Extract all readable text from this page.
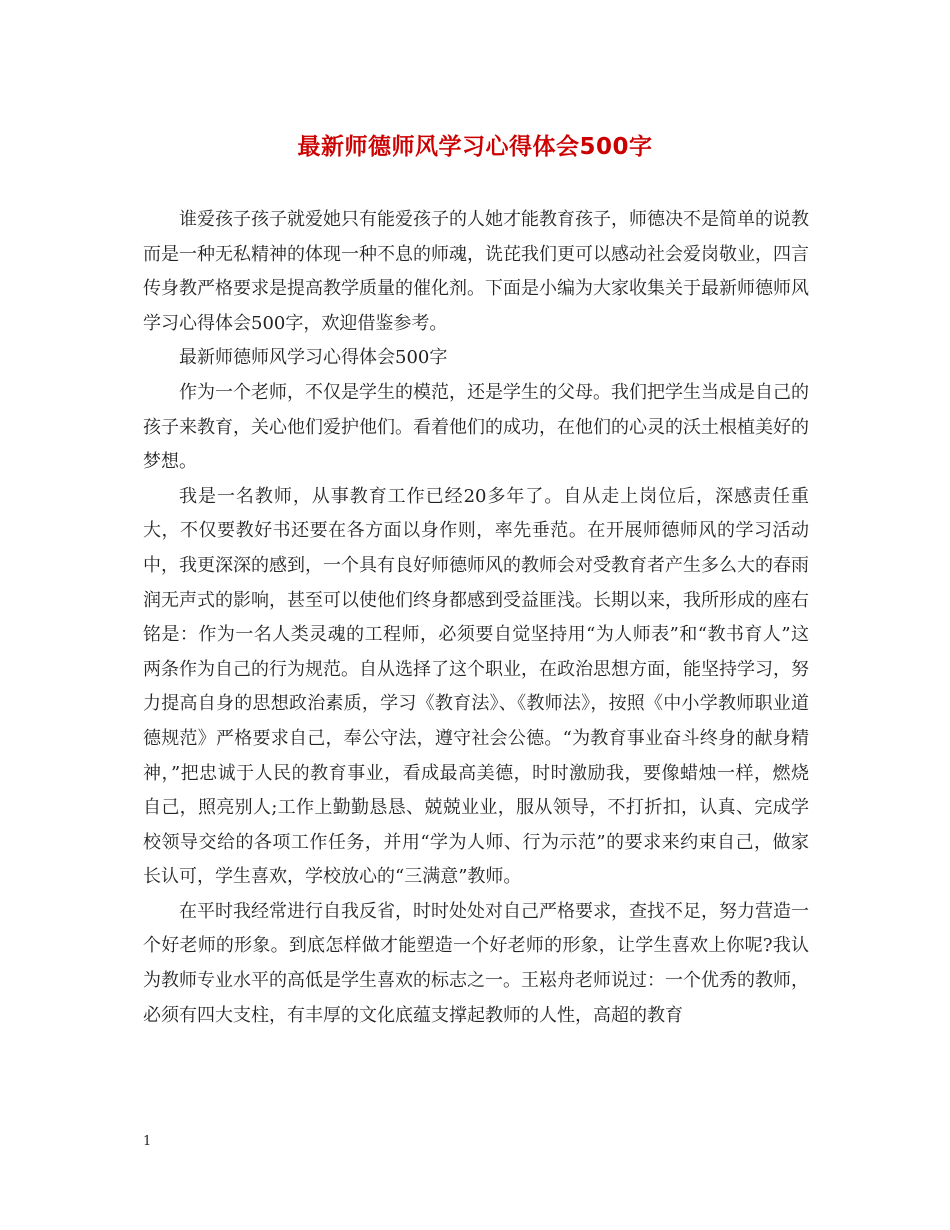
最新师德师风学习心得体会500字

谁爱孩子孩子就爱她只有能爱孩子的人她才能教育孩子，师德决不是简单的说教而是一种无私精神的体现一种不息的师魂，诜芘我们更可以感动社会爱岗敬业，四言传身教严格要求是提高教学质量的催化剂。下面是小编为大家收集关于最新师德师风学习心得体会500字，欢迎借鉴参考。

最新师德师风学习心得体会500字

作为一个老师，不仅是学生的模范，还是学生的父母。我们把学生当成是自己的孩子来教育，关心他们爱护他们。看着他们的成功，在他们的心灵的沃土根植美好的梦想。

我是一名教师，从事教育工作已经20多年了。自从走上岗位后，深感责任重大，不仅要教好书还要在各方面以身作则，率先垂范。在开展师德师风的学习活动中，我更深深的感到，一个具有良好师德师风的教师会对受教育者产生多么大的春雨润无声式的影响，甚至可以使他们终身都感到受益匪浅。长期以来，我所形成的座右铭是：作为一名人类灵魂的工程师，必须要自觉坚持用“为人师表”和“教书育人”这两条作为自己的行为规范。自从选择了这个职业，在政治思想方面，能坚持学习，努力提高自身的思想政治素质，学习《教育法》、《教师法》，按照《中小学教师职业道德规范》严格要求自己，奉公守法，遵守社会公德。“为教育事业奋斗终身的献身精神，”把忠诚于人民的教育事业，看成最高美德，时时激励我，要像蜡烛一样，燃烧自己，照亮别人;工作上勤勤恳恳、兢兢业业，服从领导，不打折扣，认真、完成学校领导交给的各项工作任务，并用“学为人师、行为示范”的要求来约束自己，做家长认可，学生喜欢，学校放心的“三满意”教师。

在平时我经常进行自我反省，时时处处对自己严格要求，查找不足，努力营造一个好老师的形象。到底怎样做才能塑造一个好老师的形象，让学生喜欢上你呢?我认为教师专业水平的高低是学生喜欢的标志之一。王崧舟老师说过：一个优秀的教师，必须有四大支柱，有丰厚的文化底蕴支撑起教师的人性，高超的教育

1
